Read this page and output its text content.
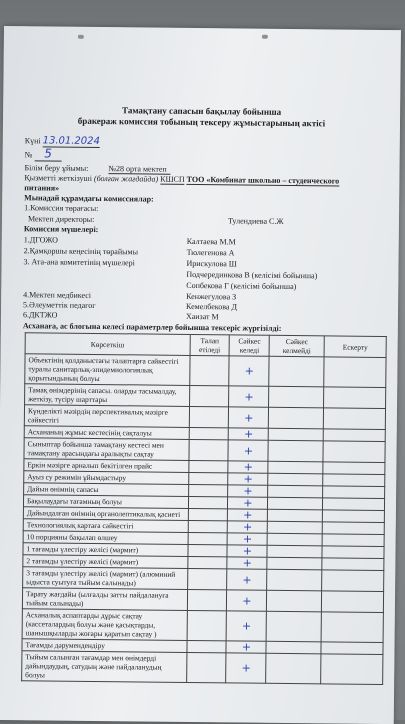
Тамақтану сапасын бақылау бойынша
бракераж комиссия тобының тексеру жұмыстарының актісі
Күні 13.01.2024
№ 5
Білім беру ұйымы: №28 орта мектеп
Қызметті жеткізуші (болған жағдайда) КШСП ТОО «Комбинат школьно – студенческого
питания»
Мынадай құрамдағы комиссиялар:
1.Комиссия төрағасы:
Мектеп директоры:	Тулендиева С.Ж
Комиссия мүшелері:
1.ДГОЖО	Калтаева М.М
2.Қамқоршы кеңесінің төрайымы	Тюлегенова А
3. Ата-ана комитетінің мүшелері	Ирискулова Ш
Подчерединкова В (келісімі бойынша)
Сопбекова Г (келісімі бойынша)
4.Мектеп медбикесі	Кенжегулова З
5.Әлеуметтік педагог	Кемелбекова Д
6.ДКТЖО	Хаизат М
Көрсеткіш	Талап етіледі	Сәйкес келеді	Сәйкес келмейді	Ескерту
Объектінің қолданыстағы талаптарға сәйкестігі туралы санитарлық-эпидемиологиялық қорытындының болуы		+		
Тамақ өнімдерінің сапасы. оларды тасымалдау, жеткізу, түсіру шарттары		+		
Күнделікті мәзірдің перспективалық мәзірге сәйкестігі		+		
Асхананың жұмыс кестесінің сақталуы		+		
Сыныптар бойынша тамақтану кестесі мен тамақтану арасындағы аралықты сақтау		+		
Еркін мәзірге арналып бекітілген прайс		+		
Ауыз су режимін ұйымдастыру		+		
Дайын өнімнің сапасы		+		
Бақылаудағы тағамның болуы		+		
Дайындалған өнімнің органолептикалық қасиеті		+		
Технологиялық картаға сәйкестігі		+		
10 порцияны бақылап өлшеу		+		
1 тағамды үлестіру желісі (мармит)		+		
2 тағамды үлестіру желісі (мармит)		+		
3 тағамды үлестіру желісі (мармит) (алюминий ыдыста суытуға тыйым салынады)		+		
Тарату жағдайы (ылғалды затты пайдалануға тыйым салынады)		+		
Асханалық аспаптарды дұрыс сақтау (кассеталардың болуы және қасықтарды, шанышқыларды жоғары қаратып сақтау )		+		
Тағамды дәрумендендіру		+		
Тыйым салынған тағамдар мен өнімдерді дайындаудың, сатудың және пайдаланудың болуы		+		
Асханаға, ас блогына келесі параметрлер бойынша тексеріс жүргізілді:
